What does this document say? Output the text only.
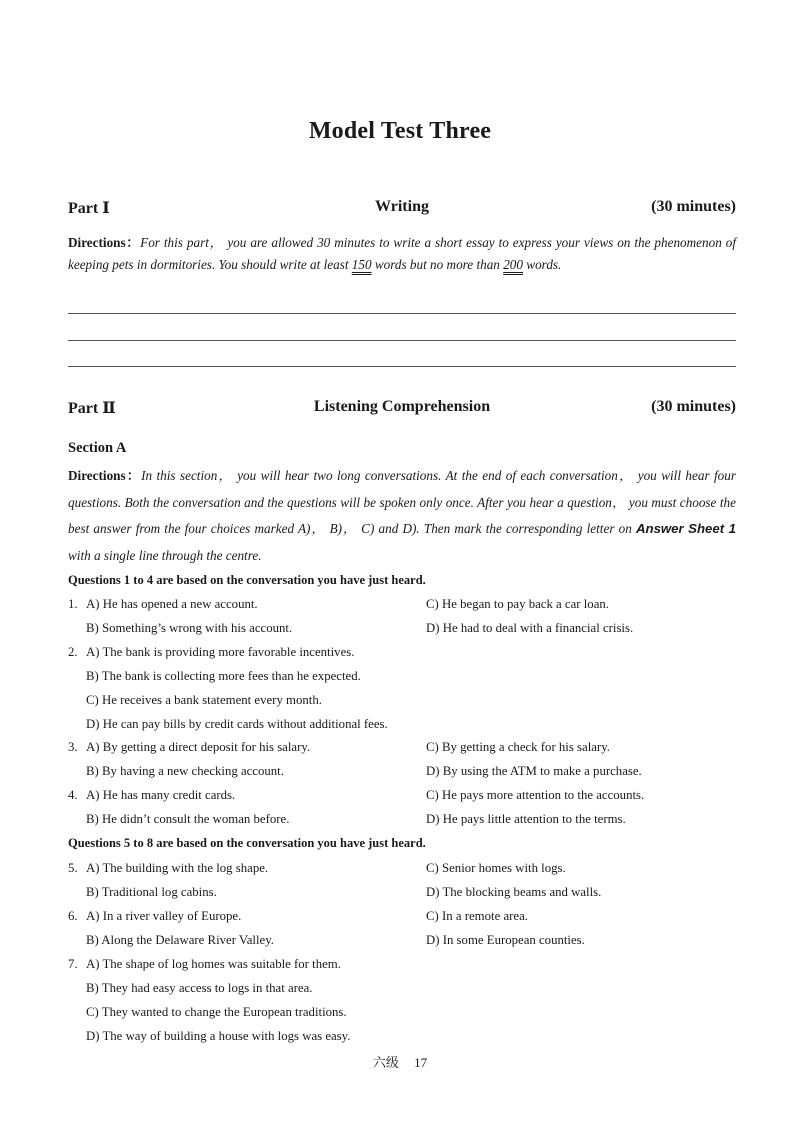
Model Test Three
Part Ⅰ	Writing	(30 minutes)
Directions：For this part， you are allowed 30 minutes to write a short essay to express your views on the phenomenon of keeping pets in dormitories. You should write at least 150 words but no more than 200 words.
Part Ⅱ	Listening Comprehension	(30 minutes)
Section A
Directions：In this section， you will hear two long conversations. At the end of each conversation， you will hear four questions. Both the conversation and the questions will be spoken only once. After you hear a question， you must choose the best answer from the four choices marked A)， B)， C) and D). Then mark the corresponding letter on Answer Sheet 1 with a single line through the centre.
Questions 1 to 4 are based on the conversation you have just heard.
1. A) He has opened a new account.	C) He began to pay back a car loan.
B) Something’s wrong with his account.	D) He had to deal with a financial crisis.
2. A) The bank is providing more favorable incentives.
B) The bank is collecting more fees than he expected.
C) He receives a bank statement every month.
D) He can pay bills by credit cards without additional fees.
3. A) By getting a direct deposit for his salary.	C) By getting a check for his salary.
B) By having a new checking account.	D) By using the ATM to make a purchase.
4. A) He has many credit cards.	C) He pays more attention to the accounts.
B) He didn’t consult the woman before.	D) He pays little attention to the terms.
Questions 5 to 8 are based on the conversation you have just heard.
5. A) The building with the log shape.	C) Senior homes with logs.
B) Traditional log cabins.	D) The blocking beams and walls.
6. A) In a river valley of Europe.	C) In a remote area.
B) Along the Delaware River Valley.	D) In some European counties.
7. A) The shape of log homes was suitable for them.
B) They had easy access to logs in that area.
C) They wanted to change the European traditions.
D) The way of building a house with logs was easy.
六级 17
